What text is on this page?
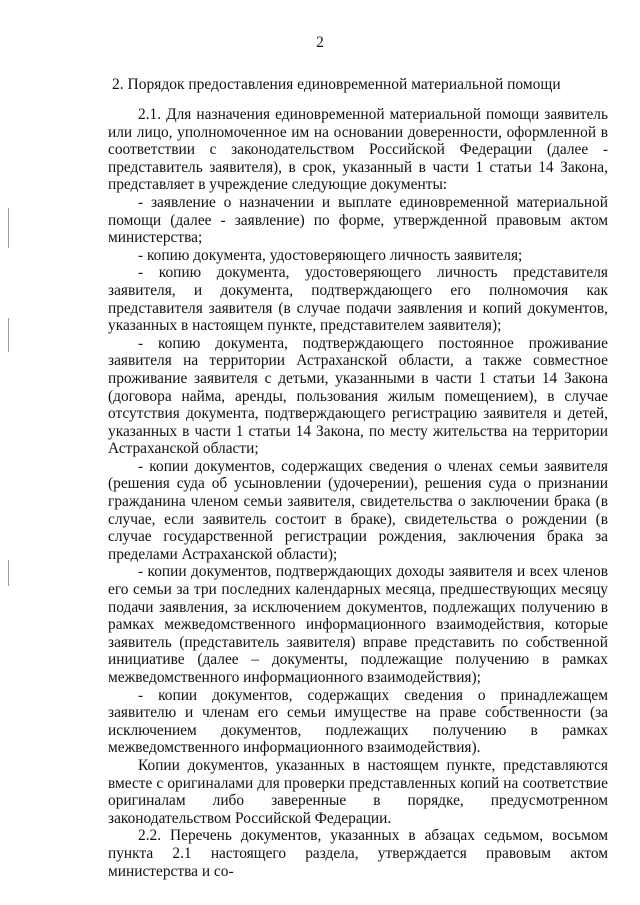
2
2. Порядок предоставления единовременной материальной помощи

2.1. Для назначения единовременной материальной помощи заявитель или лицо, уполномоченное им на основании доверенности, оформленной в соответствии с законодательством Российской Федерации (далее - представитель заявителя), в срок, указанный в части 1 статьи 14 Закона, представляет в учреждение следующие документы:

- заявление о назначении и выплате единовременной материальной помощи (далее - заявление) по форме, утвержденной правовым актом министерства;

- копию документа, удостоверяющего личность заявителя;

- копию документа, удостоверяющего личность представителя заявителя, и документа, подтверждающего его полномочия как представителя заявителя (в случае подачи заявления и копий документов, указанных в настоящем пункте, представителем заявителя);

- копию документа, подтверждающего постоянное проживание заявителя на территории Астраханской области, а также совместное проживание заявителя с детьми, указанными в части 1 статьи 14 Закона (договора найма, аренды, пользования жилым помещением), в случае отсутствия документа, подтверждающего регистрацию заявителя и детей, указанных в части 1 статьи 14 Закона, по месту жительства на территории Астраханской области;

- копии документов, содержащих сведения о членах семьи заявителя (решения суда об усыновлении (удочерении), решения суда о признании гражданина членом семьи заявителя, свидетельства о заключении брака (в случае, если заявитель состоит в браке), свидетельства о рождении (в случае государственной регистрации рождения, заключения брака за пределами Астраханской области);

- копии документов, подтверждающих доходы заявителя и всех членов его семьи за три последних календарных месяца, предшествующих месяцу подачи заявления, за исключением документов, подлежащих получению в рамках межведомственного информационного взаимодействия, которые заявитель (представитель заявителя) вправе представить по собственной инициативе (далее – документы, подлежащие получению в рамках межведомственного информационного взаимодействия);

- копии документов, содержащих сведения о принадлежащем заявителю и членам его семьи имуществе на праве собственности (за исключением документов, подлежащих получению в рамках межведомственного информационного взаимодействия).

Копии документов, указанных в настоящем пункте, представляются вместе с оригиналами для проверки представленных копий на соответствие оригиналам либо заверенные в порядке, предусмотренном законодательством Российской Федерации.

2.2. Перечень документов, указанных в абзацах седьмом, восьмом пункта 2.1 настоящего раздела, утверждается правовым актом министерства и со-
